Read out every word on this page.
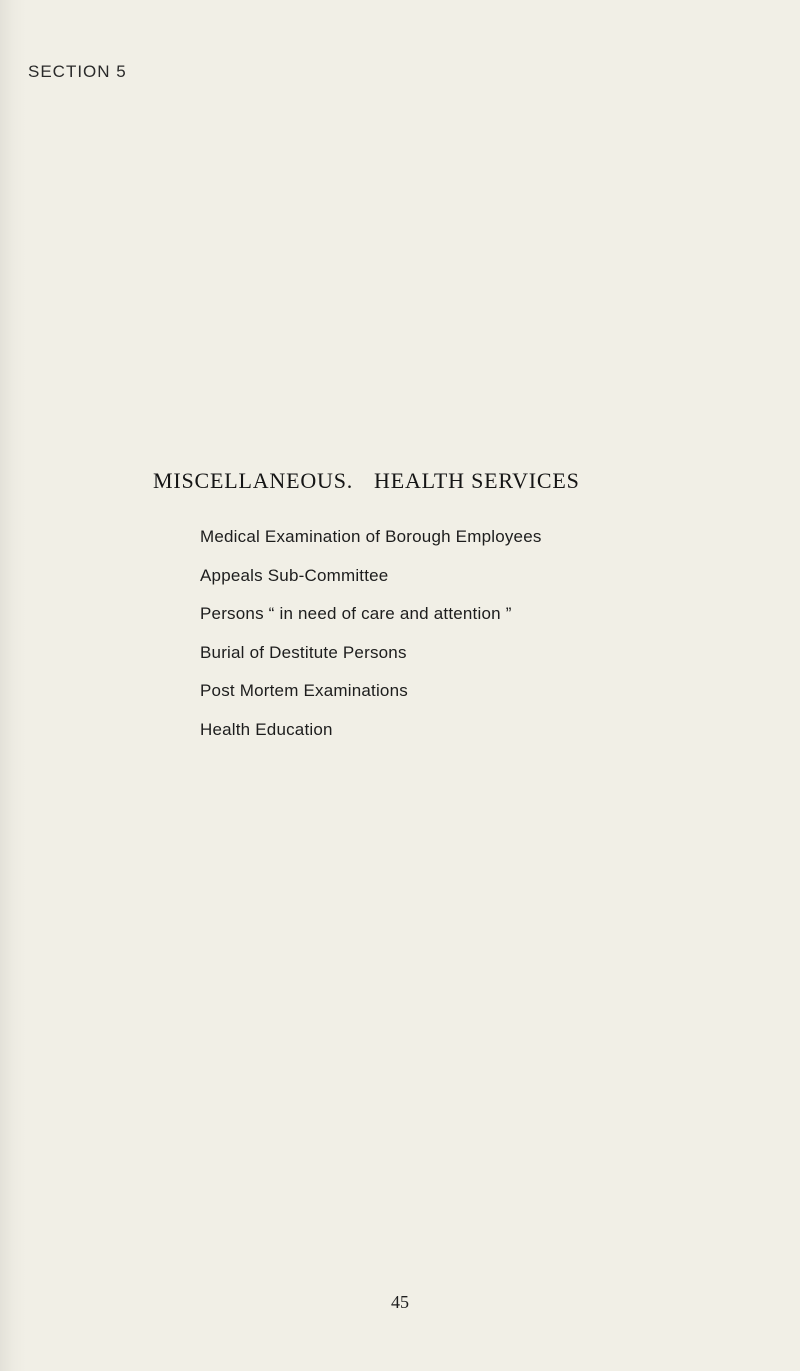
SECTION 5

MISCELLANEOUS. HEALTH SERVICES
Medical Examination of Borough Employees
Appeals Sub-Committee
Persons “ in need of care and attention ”
Burial of Destitute Persons
Post Mortem Examinations
Health Education

45
